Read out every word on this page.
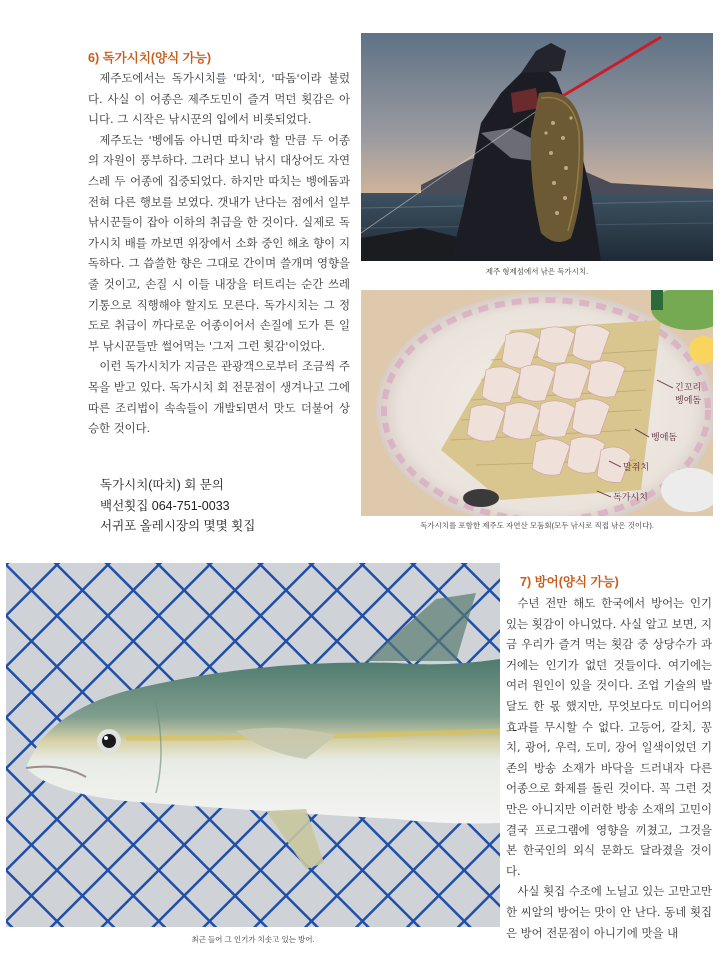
6) 독가시치(양식 가능)

제주도에서는 독가시치를 '따치', '따돔'이라 불렀다. 사실 이 어종은 제주도민이 즐겨 먹던 횟감은 아니다. 그 시작은 낚시꾼의 입에서 비롯되었다.

제주도는 '벵에돔 아니면 따치'라 할 만큼 두 어종의 자원이 풍부하다. 그러다 보니 낚시 대상어도 자연스레 두 어종에 집중되었다. 하지만 따치는 벵에돔과 전혀 다른 행보를 보였다. 갯내가 난다는 점에서 일부 낚시꾼들이 잡아 이하의 취급을 한 것이다. 실제로 독가시치 배를 까보면 위장에서 소화 중인 해초 향이 지독하다. 그 씁쓸한 향은 그대로 간이며 쓸개며 영향을 줄 것이고, 손질 시 이들 내장을 터트리는 순간 쓰레기통으로 직행해야 할지도 모른다. 독가시치는 그 정도로 취급이 까다로운 어종이어서 손질에 도가 튼 일부 낚시꾼들만 썰어먹는 '그저 그런 횟감'이었다.

이런 독가시치가 지금은 관광객으로부터 조금씩 주목을 받고 있다. 독가시치 회 전문점이 생겨나고 그에 따른 조리법이 속속들이 개발되면서 맛도 더불어 상승한 것이다.

독가시치(따치) 회 문의
백선횟집 064-751-0033
서귀포 올레시장의 몇몇 횟집
제주 형제섬에서 낚은 독가시치.
긴꼬리
벵에돔
벵에돔
말쥐치
독가시치
독가시치를 포함한 제주도 자연산 모둠회(모두 낚시로 직접 낚은 것이다).
최근 들어 그 인기가 치솟고 있는 방어.
7) 방어(양식 가능)

수년 전만 해도 한국에서 방어는 인기 있는 횟감이 아니었다. 사실 알고 보면, 지금 우리가 즐겨 먹는 횟감 중 상당수가 과거에는 인기가 없던 것들이다. 여기에는 여러 원인이 있을 것이다. 조업 기술의 발달도 한 몫 했지만, 무엇보다도 미디어의 효과를 무시할 수 없다. 고등어, 갈치, 꽁치, 광어, 우럭, 도미, 장어 일색이었던 기존의 방송 소재가 바닥을 드러내자 다른 어종으로 화제를 돌린 것이다. 꼭 그런 것만은 아니지만 이러한 방송 소재의 고민이 결국 프로그램에 영향을 끼쳤고, 그것을 본 한국인의 외식 문화도 달라졌을 것이다.

사실 횟집 수조에 노닐고 있는 고만고만한 씨알의 방어는 맛이 안 난다. 동네 횟집은 방어 전문점이 아니기에 맛을 내
